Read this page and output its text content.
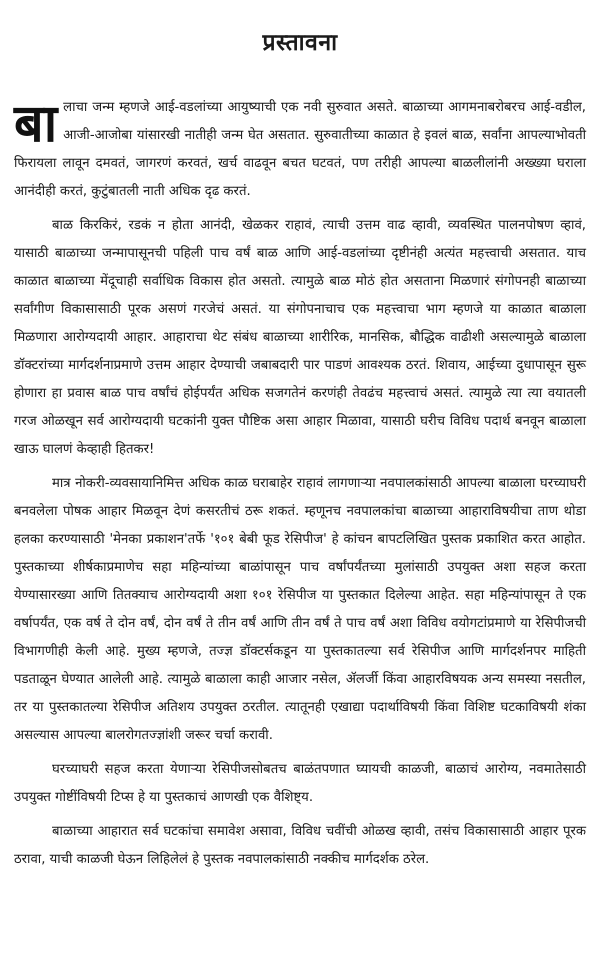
प्रस्तावना

बालाचा जन्म म्हणजे आई-वडलांच्या आयुष्याची एक नवी सुरुवात असते. बाळाच्या आगमनाबरोबरच आई-वडील, आजी-आजोबा यांसारखी नातीही जन्म घेत असतात. सुरुवातीच्या काळात हे इवलं बाळ, सर्वांना आपल्याभोवती फिरायला लावून दमवतं, जागरणं करवतं, खर्च वाढवून बचत घटवतं, पण तरीही आपल्या बाळलीलांनी अख्ख्या घराला आनंदीही करतं, कुटुंबातली नाती अधिक दृढ करतं.

बाळ किरकिरं, रडकं न होता आनंदी, खेळकर राहावं, त्याची उत्तम वाढ व्हावी, व्यवस्थित पालनपोषण व्हावं, यासाठी बाळाच्या जन्मापासूनची पहिली पाच वर्षं बाळ आणि आई-वडलांच्या दृष्टीनंही अत्यंत महत्त्वाची असतात. याच काळात बाळाच्या मेंदूचाही सर्वाधिक विकास होत असतो. त्यामुळे बाळ मोठं होत असताना मिळणारं संगोपनही बाळाच्या सर्वांगीण विकासासाठी पूरक असणं गरजेचं असतं. या संगोपनाचाच एक महत्त्वाचा भाग म्हणजे या काळात बाळाला मिळणारा आरोग्यदायी आहार. आहाराचा थेट संबंध बाळाच्या शारीरिक, मानसिक, बौद्धिक वाढीशी असल्यामुळे बाळाला डॉक्टरांच्या मार्गदर्शनाप्रमाणे उत्तम आहार देण्याची जबाबदारी पार पाडणं आवश्यक ठरतं. शिवाय, आईच्या दुधापासून सुरू होणारा हा प्रवास बाळ पाच वर्षांचं होईपर्यंत अधिक सजगतेनं करणंही तेवढंच महत्त्वाचं असतं. त्यामुळे त्या त्या वयातली गरज ओळखून सर्व आरोग्यदायी घटकांनी युक्त पौष्टिक असा आहार मिळावा, यासाठी घरीच विविध पदार्थ बनवून बाळाला खाऊ घालणं केव्हाही हितकर!

मात्र नोकरी-व्यवसायानिमित्त अधिक काळ घराबाहेर राहावं लागणाऱ्या नवपालकांसाठी आपल्या बाळाला घरच्याघरी बनवलेला पोषक आहार मिळवून देणं कसरतीचं ठरू शकतं. म्हणूनच नवपालकांचा बाळाच्या आहाराविषयीचा ताण थोडा हलका करण्यासाठी 'मेनका प्रकाशन'तर्फे '१०१ बेबी फूड रेसिपीज' हे कांचन बापटलिखित पुस्तक प्रकाशित करत आहोत. पुस्तकाच्या शीर्षकाप्रमाणेच सहा महिन्यांच्या बाळांपासून पाच वर्षांपर्यंतच्या मुलांसाठी उपयुक्त अशा सहज करता येण्यासारख्या आणि तितक्याच आरोग्यदायी अशा १०१ रेसिपीज या पुस्तकात दिलेल्या आहेत. सहा महिन्यांपासून ते एक वर्षापर्यंत, एक वर्ष ते दोन वर्षं, दोन वर्षं ते तीन वर्षं आणि तीन वर्षं ते पाच वर्षं अशा विविध वयोगटांप्रमाणे या रेसिपीजची विभागणीही केली आहे. मुख्य म्हणजे, तज्ज्ञ डॉक्टर्सकडून या पुस्तकातल्या सर्व रेसिपीज आणि मार्गदर्शनपर माहिती पडताळून घेण्यात आलेली आहे. त्यामुळे बाळाला काही आजार नसेल, ॲलर्जी किंवा आहारविषयक अन्य समस्या नसतील, तर या पुस्तकातल्या रेसिपीज अतिशय उपयुक्त ठरतील. त्यातूनही एखाद्या पदार्थाविषयी किंवा विशिष्ट घटकाविषयी शंका असल्यास आपल्या बालरोगतज्ज्ञांशी जरूर चर्चा करावी.

घरच्याघरी सहज करता येणाऱ्या रेसिपीजसोबतच बाळंतपणात घ्यायची काळजी, बाळाचं आरोग्य, नवमातेसाठी उपयुक्त गोष्टींविषयी टिप्स हे या पुस्तकाचं आणखी एक वैशिष्ट्य.

बाळाच्या आहारात सर्व घटकांचा समावेश असावा, विविध चवींची ओळख व्हावी, तसंच विकासासाठी आहार पूरक ठरावा, याची काळजी घेऊन लिहिलेलं हे पुस्तक नवपालकांसाठी नक्कीच मार्गदर्शक ठरेल.
